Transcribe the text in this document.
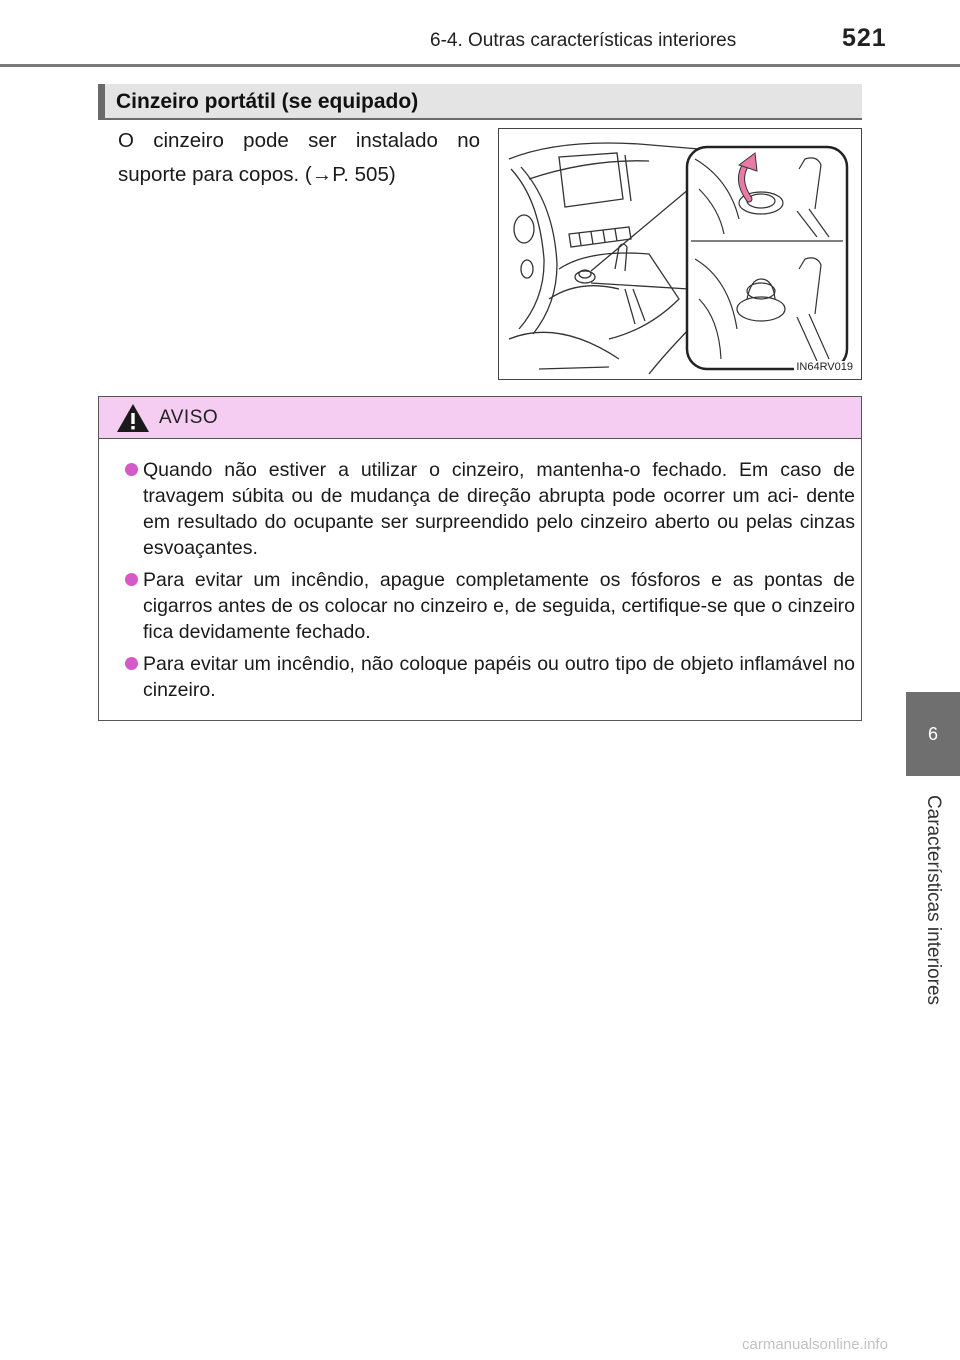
6-4. Outras características interiores	521
6
Características interiores
Cinzeiro portátil (se equipado)

O cinzeiro pode ser instalado no suporte para copos. (→P. 505)

IN64RV019
AVISO
Quando não estiver a utilizar o cinzeiro, mantenha-o fechado. Em caso de travagem súbita ou de mudança de direção abrupta pode ocorrer um aci- dente em resultado do ocupante ser surpreendido pelo cinzeiro aberto ou pelas cinzas esvoaçantes.
Para evitar um incêndio, apague completamente os fósforos e as pontas de cigarros antes de os colocar no cinzeiro e, de seguida, certifique-se que o cinzeiro fica devidamente fechado.
Para evitar um incêndio, não coloque papéis ou outro tipo de objeto inflamável no cinzeiro.
carmanualsonline.info
